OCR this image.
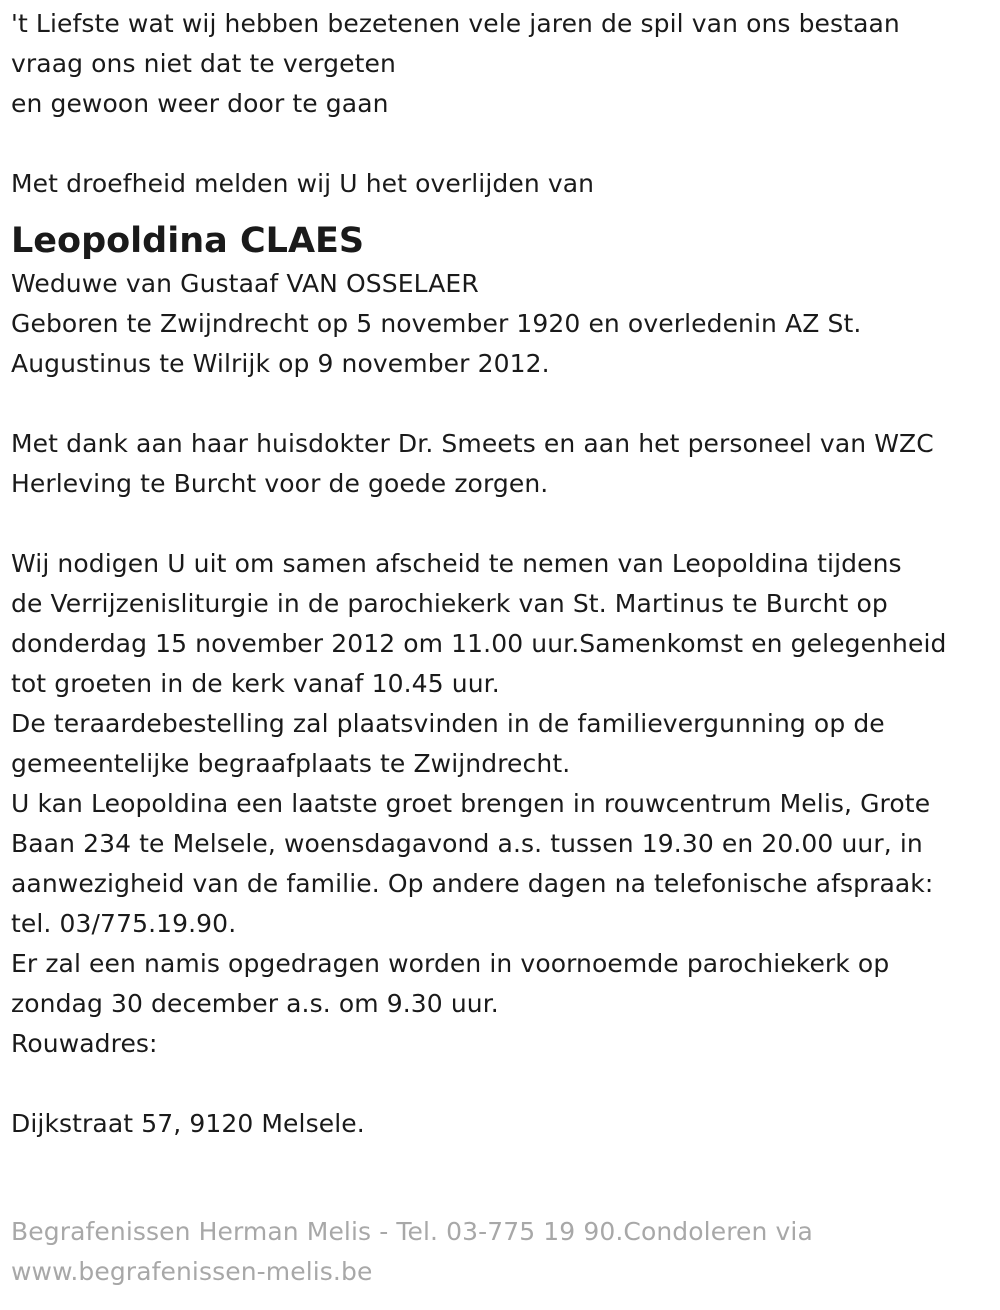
't Liefste wat wij hebben bezetenen vele jaren de spil van ons bestaan
vraag ons niet dat te vergeten
en gewoon weer door te gaan
Met droefheid melden wij U het overlijden van
Leopoldina CLAES
Weduwe van Gustaaf VAN OSSELAER
Geboren te Zwijndrecht op 5 november 1920 en overledenin AZ St.
Augustinus te Wilrijk op 9 november 2012.
Met dank aan haar huisdokter Dr. Smeets en aan het personeel van WZC
Herleving te Burcht voor de goede zorgen.
Wij nodigen U uit om samen afscheid te nemen van Leopoldina tijdens
de Verrijzenisliturgie in de parochiekerk van St. Martinus te Burcht op
donderdag 15 november 2012 om 11.00 uur.Samenkomst en gelegenheid
tot groeten in de kerk vanaf 10.45 uur.
De teraardebestelling zal plaatsvinden in de familievergunning op de
gemeentelijke begraafplaats te Zwijndrecht.
U kan Leopoldina een laatste groet brengen in rouwcentrum Melis, Grote
Baan 234 te Melsele, woensdagavond a.s. tussen 19.30 en 20.00 uur, in
aanwezigheid van de familie. Op andere dagen na telefonische afspraak:
tel. 03/775.19.90.
Er zal een namis opgedragen worden in voornoemde parochiekerk op
zondag 30 december a.s. om 9.30 uur.
Rouwadres:
Dijkstraat 57, 9120 Melsele.
Begrafenissen Herman Melis - Tel. 03-775 19 90.Condoleren via
www.begrafenissen-melis.be
